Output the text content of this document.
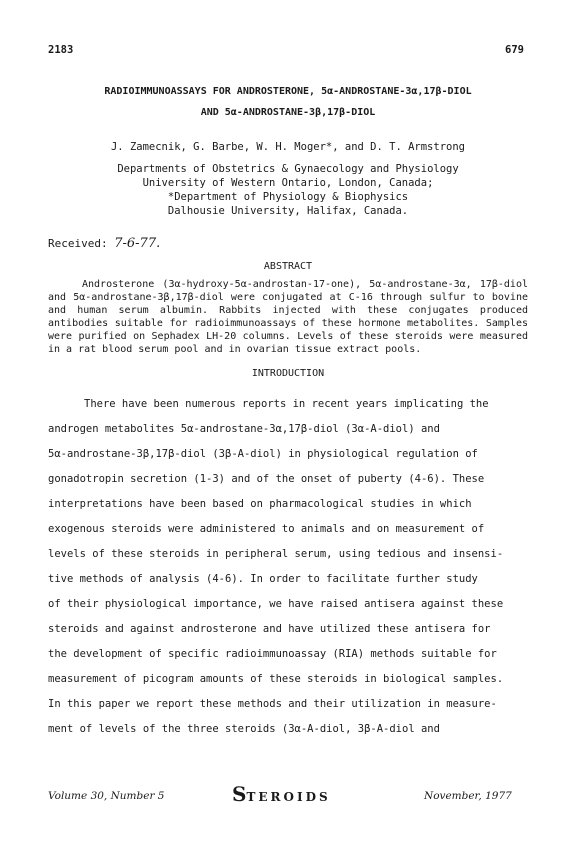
2183	679
RADIOIMMUNOASSAYS FOR ANDROSTERONE, 5α-ANDROSTANE-3α,17β-DIOL
AND 5α-ANDROSTANE-3β,17β-DIOL
J. Zamecnik, G. Barbe, W. H. Moger*, and D. T. Armstrong
Departments of Obstetrics & Gynaecology and Physiology
University of Western Ontario, London, Canada;
*Department of Physiology & Biophysics
Dalhousie University, Halifax, Canada.
Received: 7-6-77.
ABSTRACT

Androsterone (3α-hydroxy-5α-androstan-17-one), 5α-androstane-3α, 17β-diol and 5α-androstane-3β,17β-diol were conjugated at C-16 through sulfur to bovine and human serum albumin. Rabbits injected with these conjugates produced antibodies suitable for radioimmunoassays of these hormone metabolites. Samples were purified on Sephadex LH-20 columns. Levels of these steroids were measured in a rat blood serum pool and in ovarian tissue extract pools.

INTRODUCTION
There have been numerous reports in recent years implicating the
androgen metabolites 5α-androstane-3α,17β-diol (3α-A-diol) and
5α-androstane-3β,17β-diol (3β-A-diol) in physiological regulation of
gonadotropin secretion (1-3) and of the onset of puberty (4-6). These
interpretations have been based on pharmacological studies in which
exogenous steroids were administered to animals and on measurement of
levels of these steroids in peripheral serum, using tedious and insensi-
tive methods of analysis (4-6). In order to facilitate further study
of their physiological importance, we have raised antisera against these
steroids and against androsterone and have utilized these antisera for
the development of specific radioimmunoassay (RIA) methods suitable for
measurement of picogram amounts of these steroids in biological samples.
In this paper we report these methods and their utilization in measure-
ment of levels of the three steroids (3α-A-diol, 3β-A-diol and
Volume 30, Number 5	STEROIDS	November, 1977
